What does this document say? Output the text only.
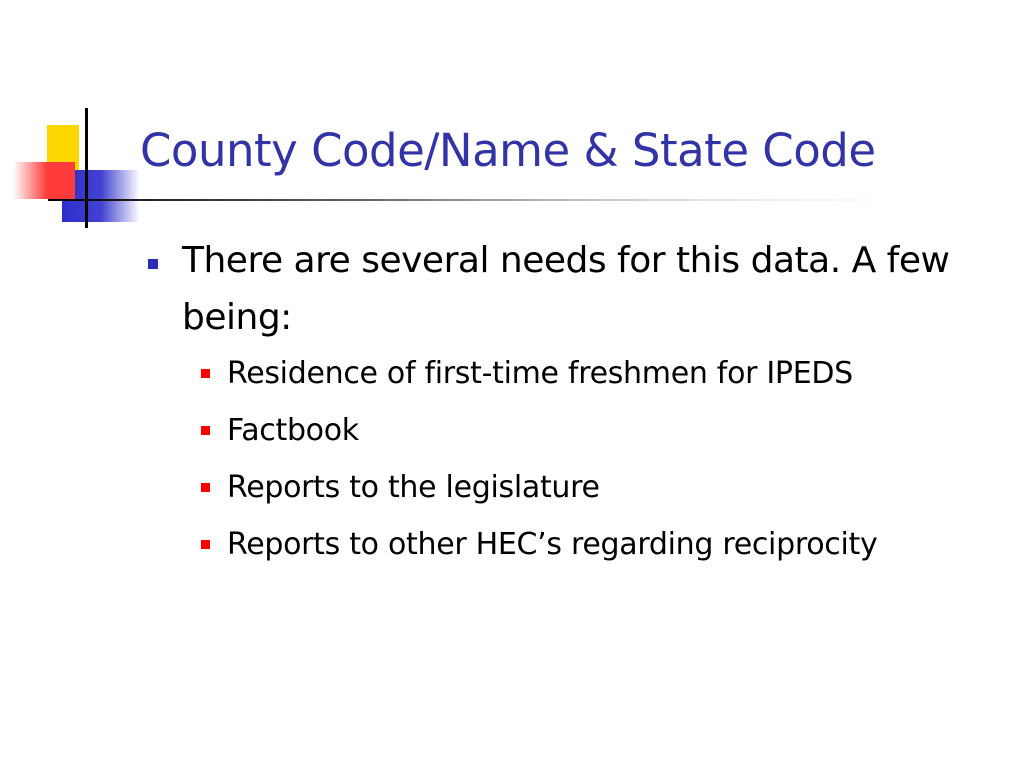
County Code/Name & State Code
There are several needs for this data. A few being:
Residence of first-time freshmen for IPEDS
Factbook
Reports to the legislature
Reports to other HEC’s regarding reciprocity
